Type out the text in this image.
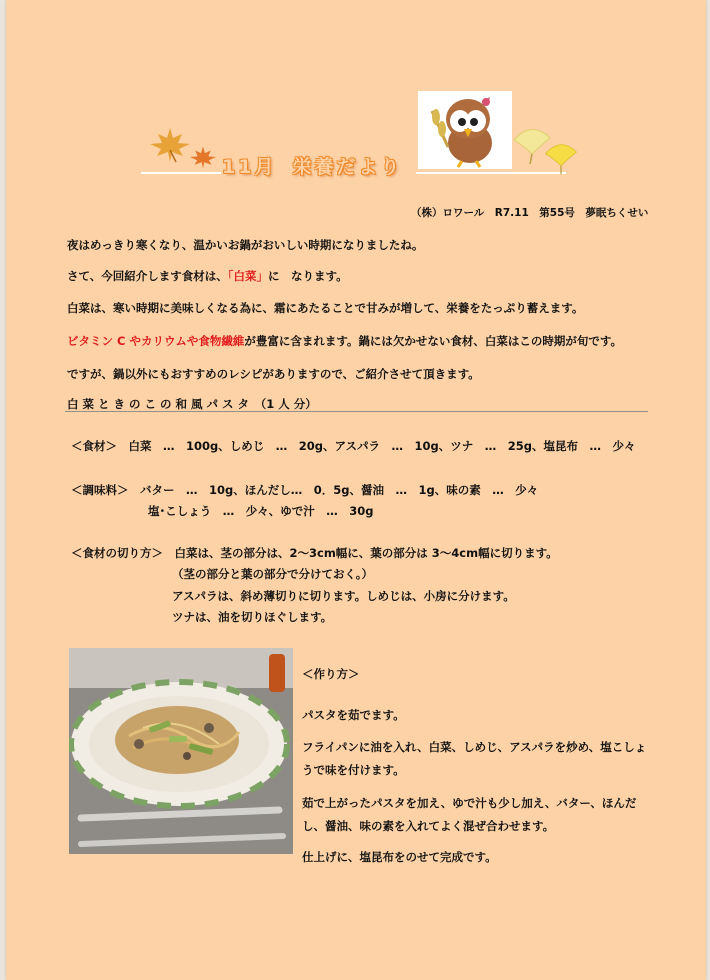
11月 栄養だより
（株）ロワール　R7.11　第55号　夢眠ちくせい
夜はめっきり寒くなり、温かいお鍋がおいしい時期になりましたね。
さて、今回紹介します食材は、「白菜」に　なります。
白菜は、寒い時期に美味しくなる為に、霜にあたることで甘みが増して、栄養をたっぷり蓄えます。
ビタミン C やカリウムや食物繊維が豊富に含まれます。鍋には欠かせない食材、白菜はこの時期が旬です。
ですが、鍋以外にもおすすめのレシピがありますので、ご紹介させて頂きます。
白 菜 と き の こ の 和 風 パ ス タ　（1 人 分）
＜食材＞　白菜　…　100g、しめじ　…　20g、アスパラ　…　10g、ツナ　…　25g、塩昆布　…　少々
＜調味料＞　バター　…　10g、ほんだし…　0．5g、醤油　…　1g、味の素　…　少々
塩･こしょう　…　少々、ゆで汁　…　30g
＜食材の切り方＞　白菜は、茎の部分は、2～3cm幅に、葉の部分は 3～4cm幅に切ります。
（茎の部分と葉の部分で分けておく。）
アスパラは、斜め薄切りに切ります。しめじは、小房に分けます。
ツナは、油を切りほぐします。
＜作り方＞
パスタを茹でます。
フライパンに油を入れ、白菜、しめじ、アスパラを炒め、塩こしょ
うで味を付けます。
茹で上がったパスタを加え、ゆで汁も少し加え、バター、ほんだ
し、醤油、味の素を入れてよく混ぜ合わせます。
仕上げに、塩昆布をのせて完成です。
